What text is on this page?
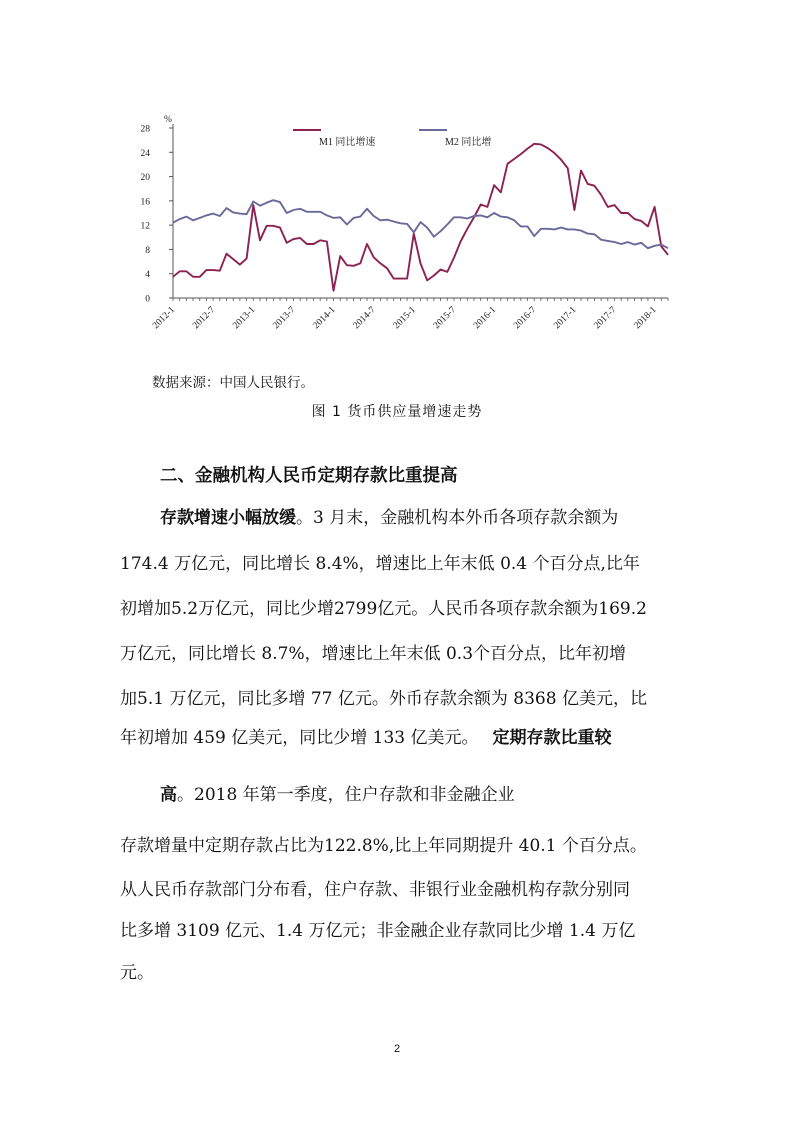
0
4
8
12
16
20
24
28
%
2012-1 2012-7 2013-1 2013-7 2014-1 2014-7 2015-1 2015-7 2016-1 2016-7 2017-1 2017-7 2018-1
M1 同比增速	M2 同比增
数据来源：中国人民银行。
图 1 货币供应量增速走势
二、金融机构人民币定期存款比重提高
存款增速小幅放缓。3 月末，金融机构本外币各项存款余额为
174.4 万亿元，同比增长 8.4%，增速比上年末低 0.4 个百分点,比年
初增加5.2万亿元，同比少增2799亿元。人民币各项存款余额为169.2
万亿元，同比增长 8.7%，增速比上年末低 0.3个百分点，比年初增
加5.1 万亿元，同比多增 77 亿元。外币存款余额为 8368 亿美元，比
年初增加 459 亿美元，同比少增 133 亿美元。 定期存款比重较
高。2018 年第一季度，住户存款和非金融企业
存款增量中定期存款占比为122.8%,比上年同期提升 40.1 个百分点。
从人民币存款部门分布看，住户存款、非银行业金融机构存款分别同
比多增 3109 亿元、1.4 万亿元；非金融企业存款同比少增 1.4 万亿
元。
2
